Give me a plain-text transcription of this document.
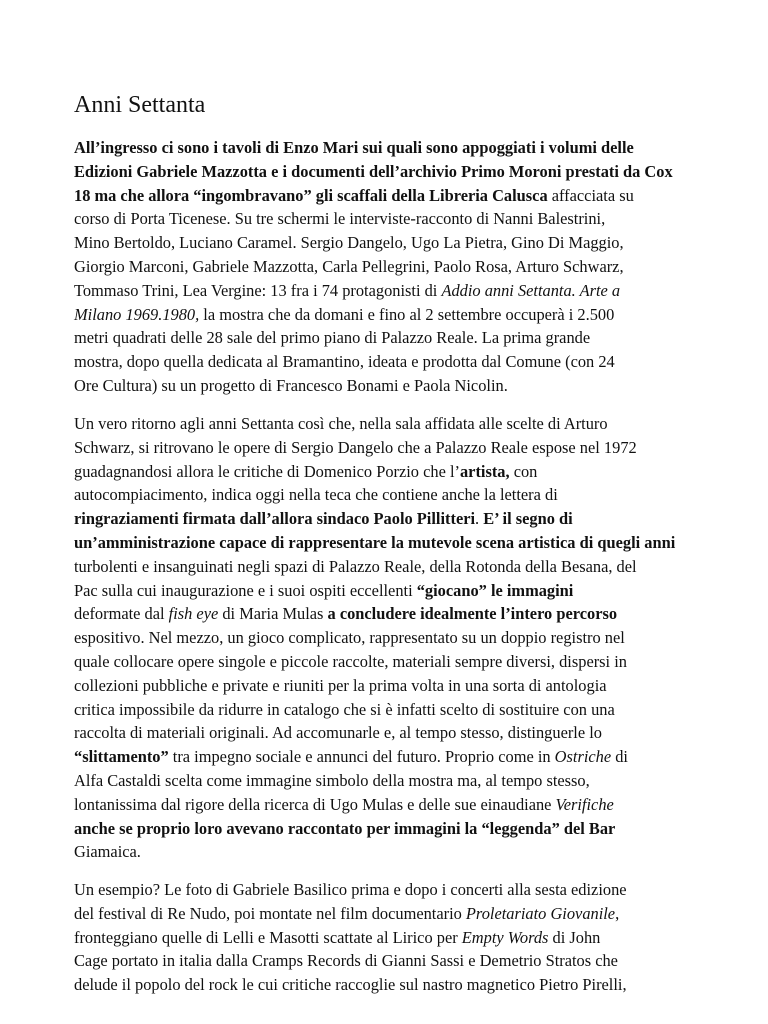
Anni Settanta
All’ingresso ci sono i tavoli di Enzo Mari sui quali sono appoggiati i volumi delle
Edizioni Gabriele Mazzotta e i documenti dell’archivio Primo Moroni prestati da Cox
18 ma che allora “ingombravano” gli scaffali della Libreria Calusca affacciata su
corso di Porta Ticenese. Su tre schermi le interviste-racconto di Nanni Balestrini,
Mino Bertoldo, Luciano Caramel. Sergio Dangelo, Ugo La Pietra, Gino Di Maggio,
Giorgio Marconi, Gabriele Mazzotta, Carla Pellegrini, Paolo Rosa, Arturo Schwarz,
Tommaso Trini, Lea Vergine: 13 fra i 74 protagonisti di Addio anni Settanta. Arte a
Milano 1969.1980, la mostra che da domani e fino al 2 settembre occuperà i 2.500
metri quadrati delle 28 sale del primo piano di Palazzo Reale. La prima grande
mostra, dopo quella dedicata al Bramantino, ideata e prodotta dal Comune (con 24
Ore Cultura) su un progetto di Francesco Bonami e Paola Nicolin.
Un vero ritorno agli anni Settanta così che, nella sala affidata alle scelte di Arturo
Schwarz, si ritrovano le opere di Sergio Dangelo che a Palazzo Reale espose nel 1972
guadagnandosi allora le critiche di Domenico Porzio che l’artista, con
autocompiacimento, indica oggi nella teca che contiene anche la lettera di
ringraziamenti firmata dall’allora sindaco Paolo Pillitteri. E’ il segno di
un’amministrazione capace di rappresentare la mutevole scena artistica di quegli anni
turbolenti e insanguinati negli spazi di Palazzo Reale, della Rotonda della Besana, del
Pac sulla cui inaugurazione e i suoi ospiti eccellenti “giocano” le immagini
deformate dal fish eye di Maria Mulas a concludere idealmente l’intero percorso
espositivo. Nel mezzo, un gioco complicato, rappresentato su un doppio registro nel
quale collocare opere singole e piccole raccolte, materiali sempre diversi, dispersi in
collezioni pubbliche e private e riuniti per la prima volta in una sorta di antologia
critica impossibile da ridurre in catalogo che si è infatti scelto di sostituire con una
raccolta di materiali originali. Ad accomunarle e, al tempo stesso, distinguerle lo
“slittamento” tra impegno sociale e annunci del futuro. Proprio come in Ostriche di
Alfa Castaldi scelta come immagine simbolo della mostra ma, al tempo stesso,
lontanissima dal rigore della ricerca di Ugo Mulas e delle sue einaudiane Verifiche
anche se proprio loro avevano raccontato per immagini la “leggenda” del Bar
Giamaica.
Un esempio? Le foto di Gabriele Basilico prima e dopo i concerti alla sesta edizione
del festival di Re Nudo, poi montate nel film documentario Proletariato Giovanile,
fronteggiano quelle di Lelli e Masotti scattate al Lirico per Empty Words di John
Cage portato in italia dalla Cramps Records di Gianni Sassi e Demetrio Stratos che
delude il popolo del rock le cui critiche raccoglie sul nastro magnetico Pietro Pirelli,
